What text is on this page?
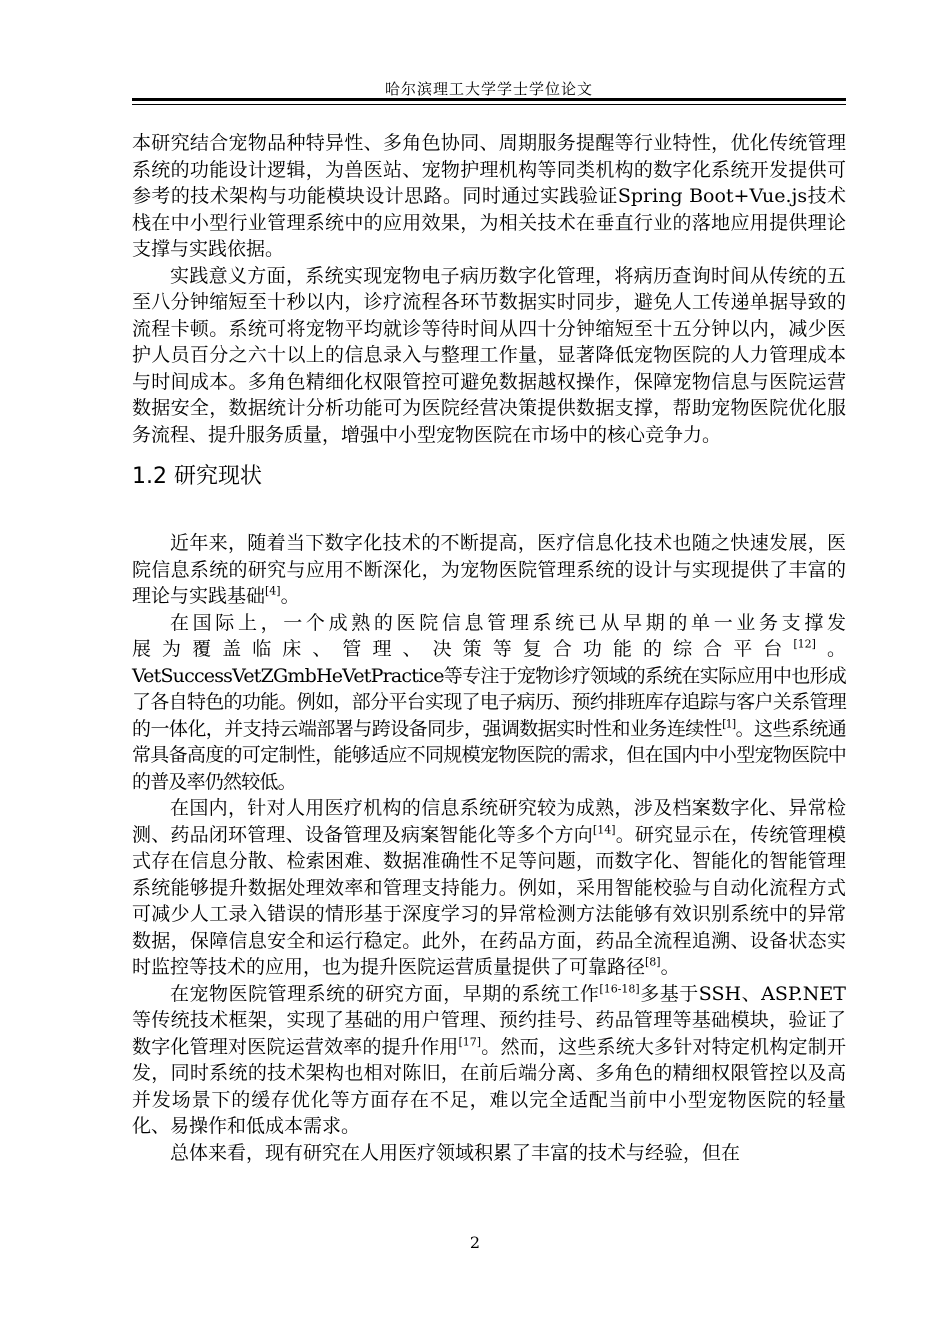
哈尔滨理工大学学士学位论文

本研究结合宠物品种特异性、多角色协同、周期服务提醒等行业特性，优化传统管理系统的功能设计逻辑，为兽医站、宠物护理机构等同类机构的数字化系统开发提供可参考的技术架构与功能模块设计思路。同时通过实践验证Spring Boot+Vue.js技术栈在中小型行业管理系统中的应用效果，为相关技术在垂直行业的落地应用提供理论支撑与实践依据。

实践意义方面，系统实现宠物电子病历数字化管理，将病历查询时间从传统的五至八分钟缩短至十秒以内，诊疗流程各环节数据实时同步，避免人工传递单据导致的流程卡顿。系统可将宠物平均就诊等待时间从四十分钟缩短至十五分钟以内，减少医护人员百分之六十以上的信息录入与整理工作量，显著降低宠物医院的人力管理成本与时间成本。多角色精细化权限管控可避免数据越权操作，保障宠物信息与医院运营数据安全，数据统计分析功能可为医院经营决策提供数据支撑，帮助宠物医院优化服务流程、提升服务质量，增强中小型宠物医院在市场中的核心竞争力。

1.2 研究现状

近年来，随着当下数字化技术的不断提高，医疗信息化技术也随之快速发展，医院信息系统的研究与应用不断深化，为宠物医院管理系统的设计与实现提供了丰富的理论与实践基础[4]。

在国际上，一个成熟的医院信息管理系统已从早期的单一业务支撑发

展为覆盖临床、管理、决策等复合功能的综合平台[12]。

VetSuccessVetZGmbHeVetPractice等专注于宠物诊疗领域的系统在实际应用中也形成了各自特色的功能。例如，部分平台实现了电子病历、预约排班库存追踪与客户关系管理的一体化，并支持云端部署与跨设备同步，强调数据实时性和业务连续性[1]。这些系统通常具备高度的可定制性，能够适应不同规模宠物医院的需求，但在国内中小型宠物医院中的普及率仍然较低。

在国内，针对人用医疗机构的信息系统研究较为成熟，涉及档案数字化、异常检测、药品闭环管理、设备管理及病案智能化等多个方向[14]。研究显示在，传统管理模式存在信息分散、检索困难、数据准确性不足等问题，而数字化、智能化的智能管理系统能够提升数据处理效率和管理支持能力。例如，采用智能校验与自动化流程方式可减少人工录入错误的情形基于深度学习的异常检测方法能够有效识别系统中的异常数据，保障信息安全和运行稳定。此外，在药品方面，药品全流程追溯、设备状态实时监控等技术的应用，也为提升医院运营质量提供了可靠路径[8]。

在宠物医院管理系统的研究方面，早期的系统工作[16-18]多基于SSH、ASP.NET等传统技术框架，实现了基础的用户管理、预约挂号、药品管理等基础模块，验证了数字化管理对医院运营效率的提升作用[17]。然而，这些系统大多针对特定机构定制开发，同时系统的技术架构也相对陈旧，在前后端分离、多角色的精细权限管控以及高并发场景下的缓存优化等方面存在不足，难以完全适配当前中小型宠物医院的轻量化、易操作和低成本需求。

总体来看，现有研究在人用医疗领域积累了丰富的技术与经验，但在

2
